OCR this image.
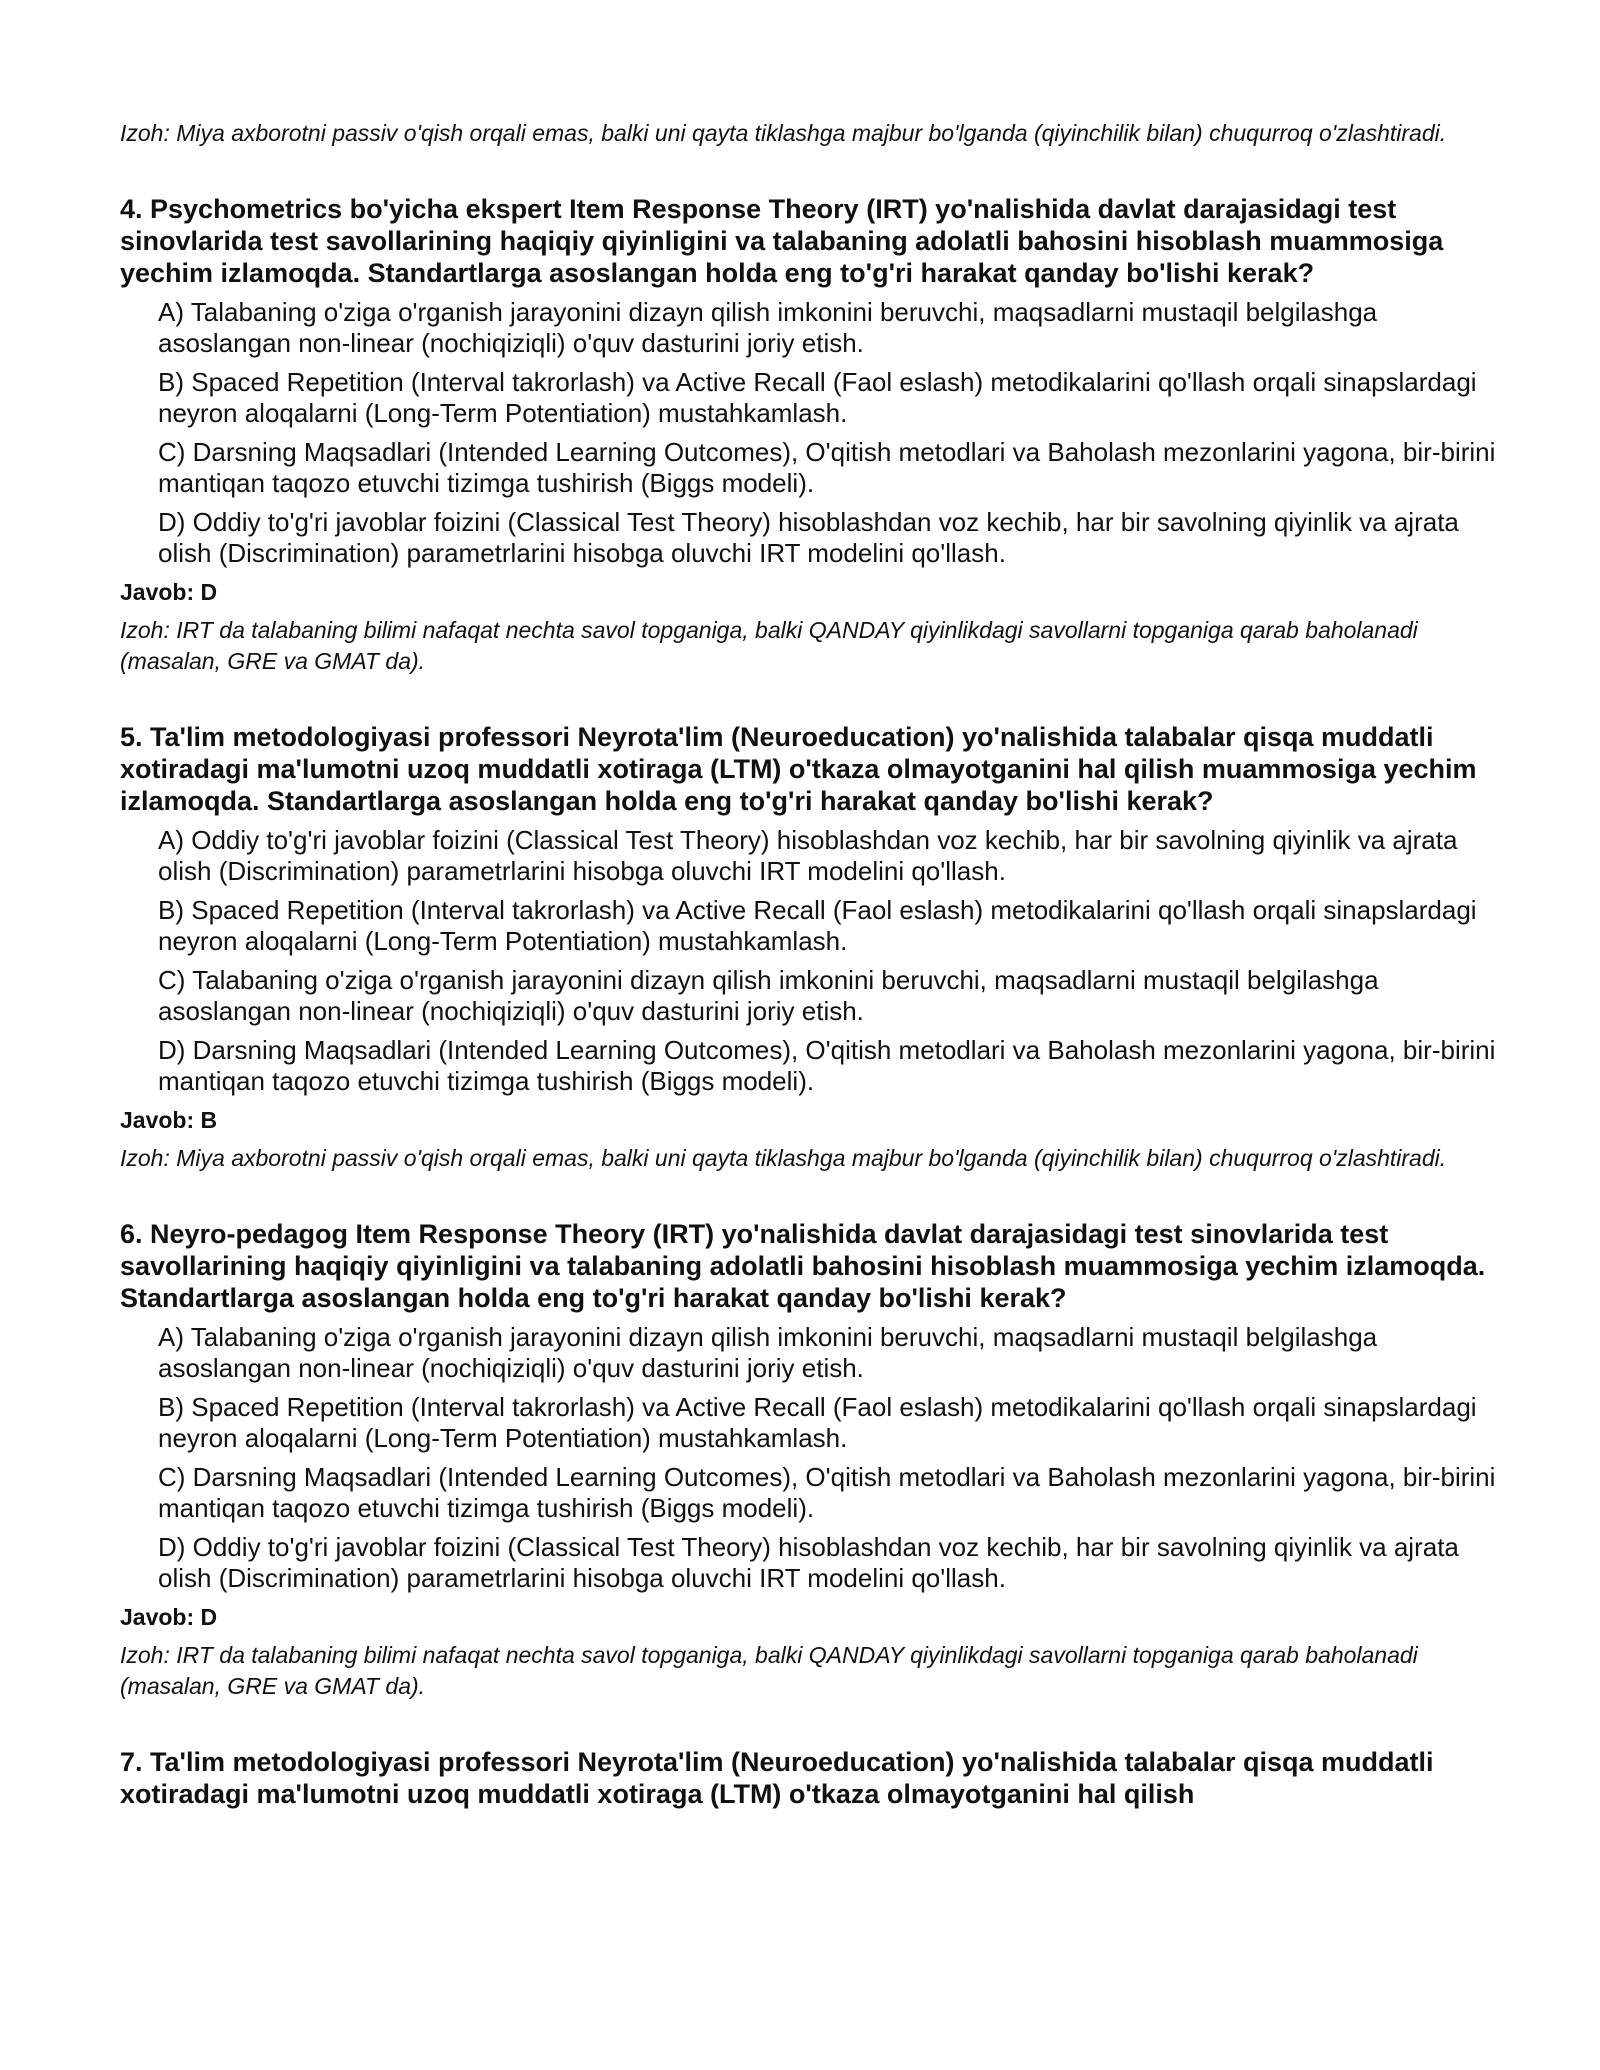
Izoh: Miya axborotni passiv o'qish orqali emas, balki uni qayta tiklashga majbur bo'lganda (qiyinchilik bilan) chuqurroq o'zlashtiradi.

4. Psychometrics bo'yicha ekspert Item Response Theory (IRT) yo'nalishida davlat darajasidagi test sinovlarida test savollarining haqiqiy qiyinligini va talabaning adolatli bahosini hisoblash muammosiga yechim izlamoqda. Standartlarga asoslangan holda eng to'g'ri harakat qanday bo'lishi kerak?

A) Talabaning o'ziga o'rganish jarayonini dizayn qilish imkonini beruvchi, maqsadlarni mustaqil belgilashga asoslangan non-linear (nochiqiziqli) o'quv dasturini joriy etish.
B) Spaced Repetition (Interval takrorlash) va Active Recall (Faol eslash) metodikalarini qo'llash orqali sinapslardagi neyron aloqalarni (Long-Term Potentiation) mustahkamlash.
C) Darsning Maqsadlari (Intended Learning Outcomes), O'qitish metodlari va Baholash mezonlarini yagona, bir-birini mantiqan taqozo etuvchi tizimga tushirish (Biggs modeli).
D) Oddiy to'g'ri javoblar foizini (Classical Test Theory) hisoblashdan voz kechib, har bir savolning qiyinlik va ajrata olish (Discrimination) parametrlarini hisobga oluvchi IRT modelini qo'llash.

Javob: D

Izoh: IRT da talabaning bilimi nafaqat nechta savol topganiga, balki QANDAY qiyinlikdagi savollarni topganiga qarab baholanadi (masalan, GRE va GMAT da).

5. Ta'lim metodologiyasi professori Neyrota'lim (Neuroeducation) yo'nalishida talabalar qisqa muddatli xotiradagi ma'lumotni uzoq muddatli xotiraga (LTM) o'tkaza olmayotganini hal qilish muammosiga yechim izlamoqda. Standartlarga asoslangan holda eng to'g'ri harakat qanday bo'lishi kerak?

A) Oddiy to'g'ri javoblar foizini (Classical Test Theory) hisoblashdan voz kechib, har bir savolning qiyinlik va ajrata olish (Discrimination) parametrlarini hisobga oluvchi IRT modelini qo'llash.
B) Spaced Repetition (Interval takrorlash) va Active Recall (Faol eslash) metodikalarini qo'llash orqali sinapslardagi neyron aloqalarni (Long-Term Potentiation) mustahkamlash.
C) Talabaning o'ziga o'rganish jarayonini dizayn qilish imkonini beruvchi, maqsadlarni mustaqil belgilashga asoslangan non-linear (nochiqiziqli) o'quv dasturini joriy etish.
D) Darsning Maqsadlari (Intended Learning Outcomes), O'qitish metodlari va Baholash mezonlarini yagona, bir-birini mantiqan taqozo etuvchi tizimga tushirish (Biggs modeli).

Javob: B

Izoh: Miya axborotni passiv o'qish orqali emas, balki uni qayta tiklashga majbur bo'lganda (qiyinchilik bilan) chuqurroq o'zlashtiradi.

6. Neyro-pedagog Item Response Theory (IRT) yo'nalishida davlat darajasidagi test sinovlarida test savollarining haqiqiy qiyinligini va talabaning adolatli bahosini hisoblash muammosiga yechim izlamoqda. Standartlarga asoslangan holda eng to'g'ri harakat qanday bo'lishi kerak?

A) Talabaning o'ziga o'rganish jarayonini dizayn qilish imkonini beruvchi, maqsadlarni mustaqil belgilashga asoslangan non-linear (nochiqiziqli) o'quv dasturini joriy etish.
B) Spaced Repetition (Interval takrorlash) va Active Recall (Faol eslash) metodikalarini qo'llash orqali sinapslardagi neyron aloqalarni (Long-Term Potentiation) mustahkamlash.
C) Darsning Maqsadlari (Intended Learning Outcomes), O'qitish metodlari va Baholash mezonlarini yagona, bir-birini mantiqan taqozo etuvchi tizimga tushirish (Biggs modeli).
D) Oddiy to'g'ri javoblar foizini (Classical Test Theory) hisoblashdan voz kechib, har bir savolning qiyinlik va ajrata olish (Discrimination) parametrlarini hisobga oluvchi IRT modelini qo'llash.

Javob: D

Izoh: IRT da talabaning bilimi nafaqat nechta savol topganiga, balki QANDAY qiyinlikdagi savollarni topganiga qarab baholanadi (masalan, GRE va GMAT da).

7. Ta'lim metodologiyasi professori Neyrota'lim (Neuroeducation) yo'nalishida talabalar qisqa muddatli xotiradagi ma'lumotni uzoq muddatli xotiraga (LTM) o'tkaza olmayotganini hal qilish
